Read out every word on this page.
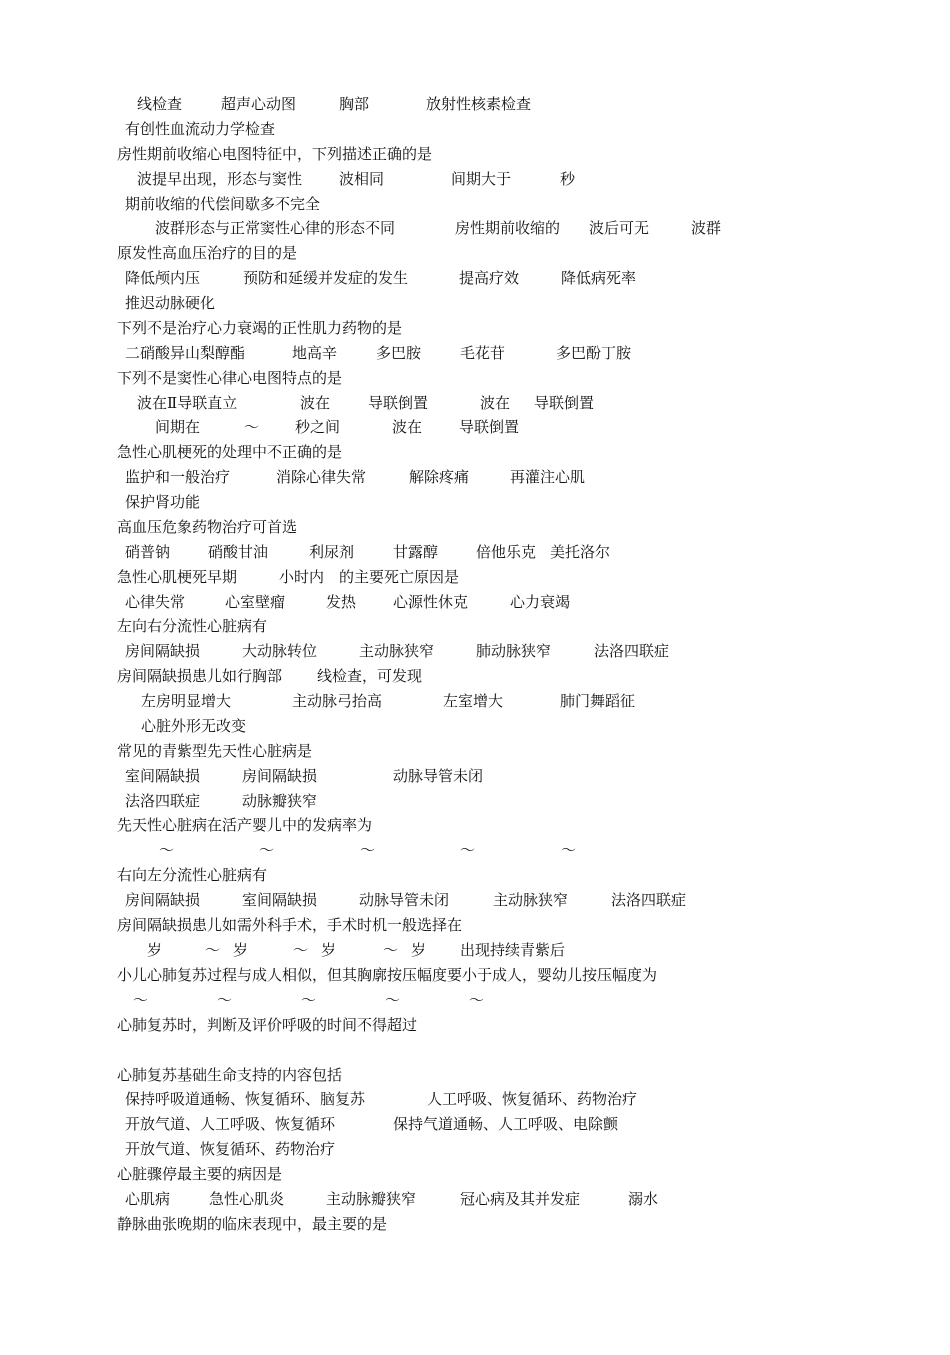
线检查

	超声心动图

	胸部

	放射性核素检查

有创性血流动力学检查

房性期前收缩心电图特征中，下列描述正确的是

波提早出现，形态与窦性

波相同

	间期大于

	秒

期前收缩的代偿间歇多不完全

波群形态与正常窦性心律的形态不同

	房性期前收缩的

波后可无

	波群

原发性高血压治疗的目的是

降低颅内压

	预防和延缓并发症的发生

	提高疗效

	降低病死率

推迟动脉硬化

下列不是治疗心力衰竭的正性肌力药物的是

二硝酸异山梨醇酯

	地高辛

	多巴胺

	毛花苷

	多巴酚丁胺

下列不是窦性心律心电图特点的是

波在Ⅱ导联直立

	波在

	导联倒置

	波在

导联倒置

间期在

	～

秒之间

	波在

导联倒置

急性心肌梗死的处理中不正确的是

监护和一般治疗

	消除心律失常

	解除疼痛

	再灌注心肌

保护肾功能

高血压危象药物治疗可首选

硝普钠

	硝酸甘油

	利尿剂

	甘露醇

	倍他乐克

美托洛尔

急性心肌梗死早期

	小时内

的主要死亡原因是

心律失常

	心室壁瘤

	发热

心源性休克

	心力衰竭

左向右分流性心脏病有

房间隔缺损

	大动脉转位

	主动脉狭窄

	肺动脉狭窄

	法洛四联症

房间隔缺损患儿如行胸部

线检查，可发现

左房明显增大

	主动脉弓抬高

	左室增大

	肺门舞蹈征

心脏外形无改变

常见的青紫型先天性心脏病是

室间隔缺损

	房间隔缺损

	动脉导管未闭

法洛四联症

	动脉瓣狭窄

先天性心脏病在活产婴儿中的发病率为

～

	～

	～

	～

	～

右向左分流性心脏病有

房间隔缺损

	室间隔缺损

	动脉导管未闭

	主动脉狭窄

	法洛四联症

房间隔缺损患儿如需外科手术，手术时机一般选择在

岁

	～

岁

	～

岁

	～

岁

出现持续青紫后

小儿心肺复苏过程与成人相似，但其胸廓按压幅度要小于成人，婴幼儿按压幅度为

～

	～

	～

	～

	～

心肺复苏时，判断及评价呼吸的时间不得超过

心肺复苏基础生命支持的内容包括

保持呼吸道通畅、恢复循环、脑复苏

	人工呼吸、恢复循环、药物治疗

开放气道、人工呼吸、恢复循环

	保持气道通畅、人工呼吸、电除颤

开放气道、恢复循环、药物治疗

心脏骤停最主要的病因是

心肌病

	急性心肌炎

	主动脉瓣狭窄

	冠心病及其并发症

	溺水

静脉曲张晚期的临床表现中，最主要的是
